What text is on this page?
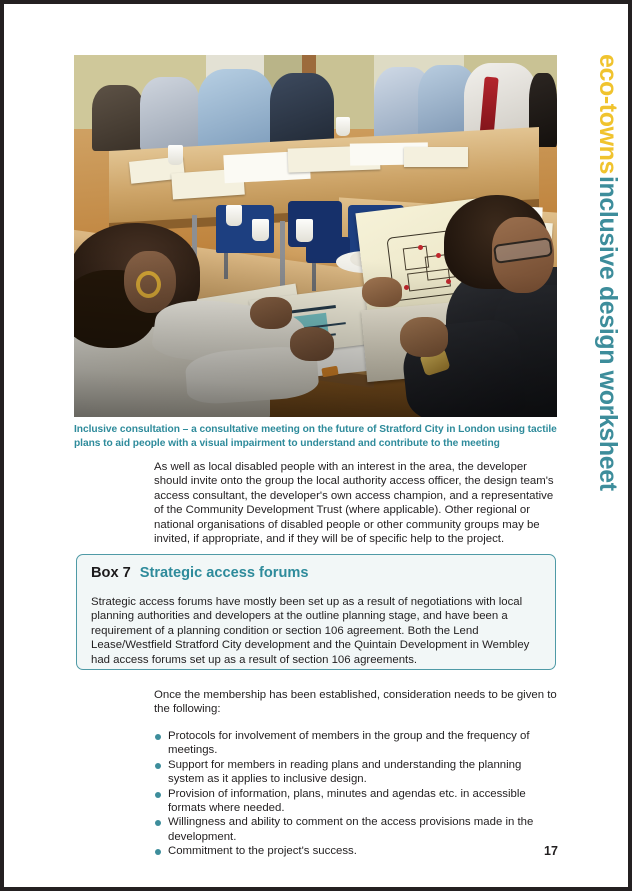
Inclusive consultation – a consultative meeting on the future of Stratford City in London using tactile plans to aid people with a visual impairment to understand and contribute to the meeting
As well as local disabled people with an interest in the area, the developer should invite onto the group the local authority access officer, the design team's access consultant, the developer's own access champion, and a representative of the Community Development Trust (where applicable). Other regional or national organisations of disabled people or other community groups may be invited, if appropriate, and if they will be of specific help to the project.
Box 7 Strategic access forums
Strategic access forums have mostly been set up as a result of negotiations with local planning authorities and developers at the outline planning stage, and have been a requirement of a planning condition or section 106 agreement. Both the Lend Lease/Westfield Stratford City development and the Quintain Development in Wembley had access forums set up as a result of section 106 agreements.
Once the membership has been established, consideration needs to be given to the following:
Protocols for involvement of members in the group and the frequency of meetings.
Support for members in reading plans and understanding the planning system as it applies to inclusive design.
Provision of information, plans, minutes and agendas etc. in accessible formats where needed.
Willingness and ability to comment on the access provisions made in the development.
Commitment to the project's success.	17
eco-towns
inclusive design worksheet
